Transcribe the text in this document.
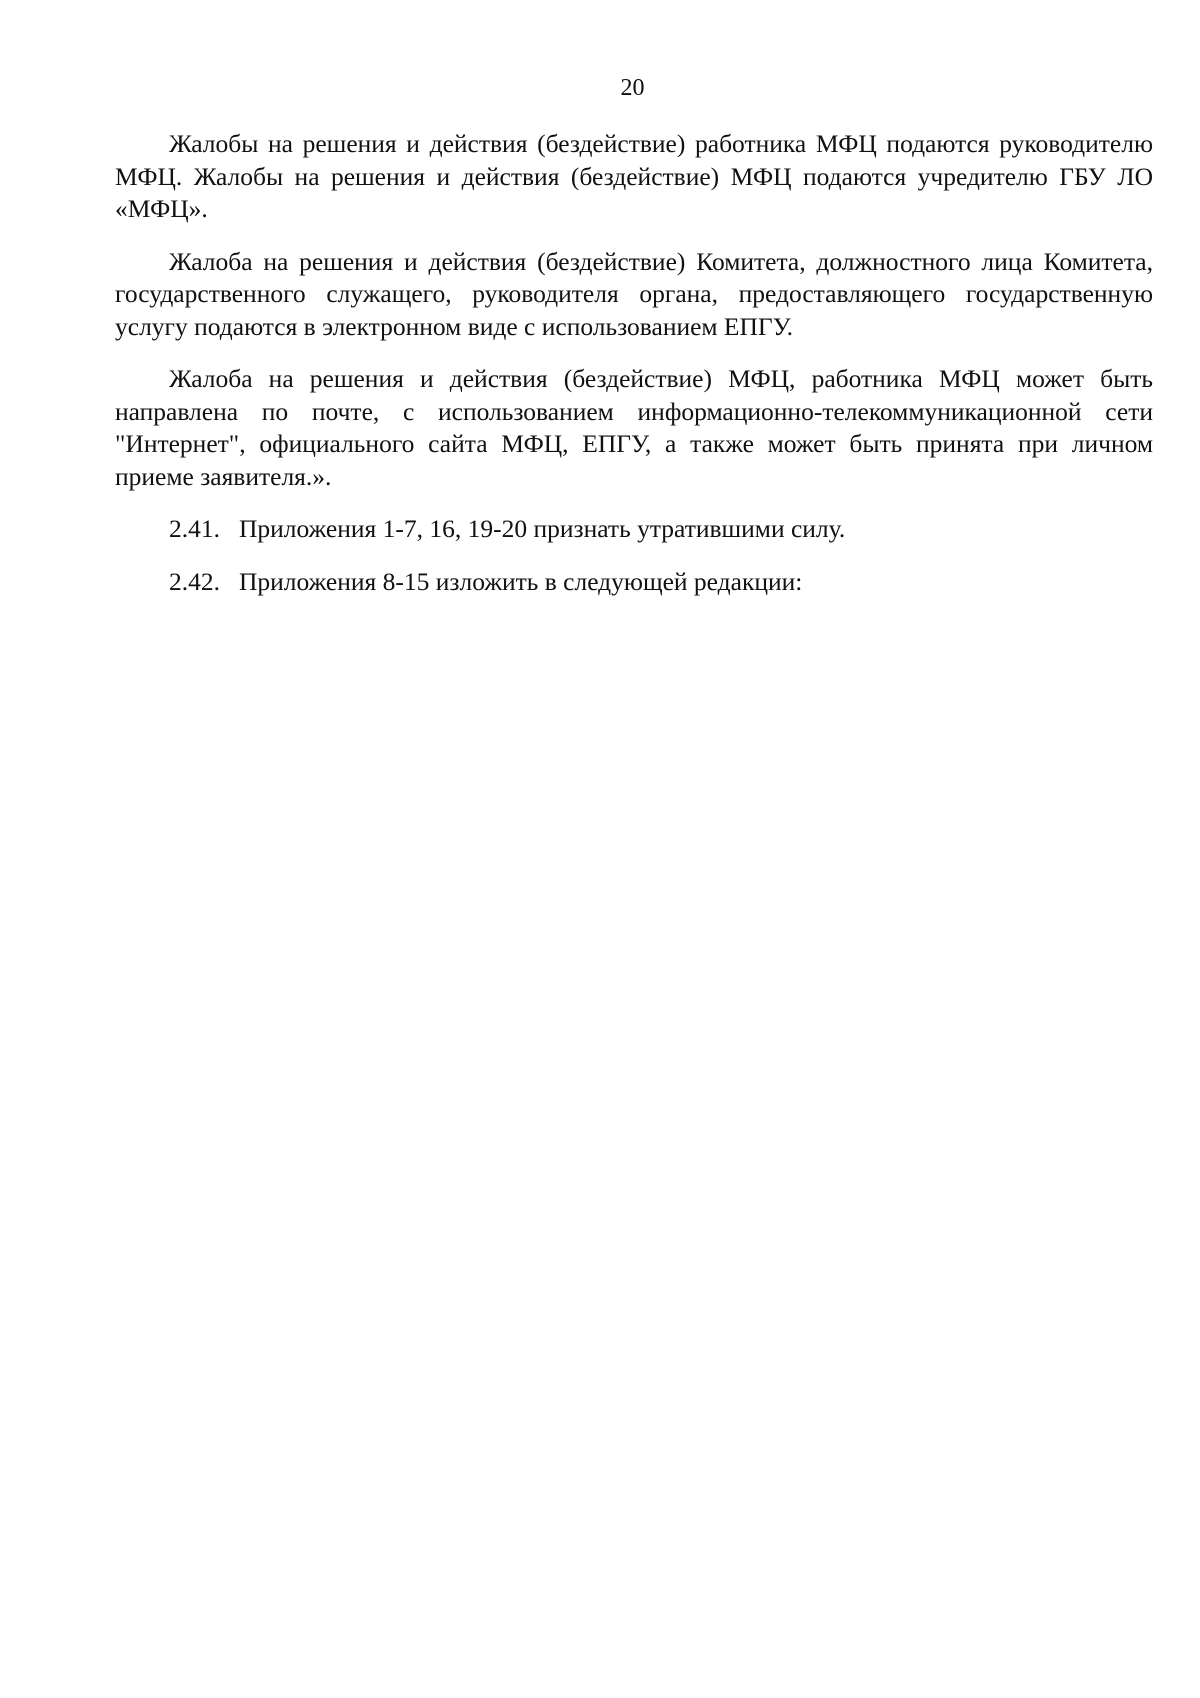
20

Жалобы на решения и действия (бездействие) работника МФЦ подаются руководителю МФЦ. Жалобы на решения и действия (бездействие) МФЦ подаются учредителю ГБУ ЛО «МФЦ».

Жалоба на решения и действия (бездействие) Комитета, должностного лица Комитета, государственного служащего, руководителя органа, предоставляющего государственную услугу подаются в электронном виде с использованием ЕПГУ.

Жалоба на решения и действия (бездействие) МФЦ, работника МФЦ может быть направлена по почте, с использованием информационно-телекоммуникационной сети "Интернет", официального сайта МФЦ, ЕПГУ, а также может быть принята при личном приеме заявителя.».

2.41. Приложения 1-7, 16, 19-20 признать утратившими силу.

2.42. Приложения 8-15 изложить в следующей редакции:
